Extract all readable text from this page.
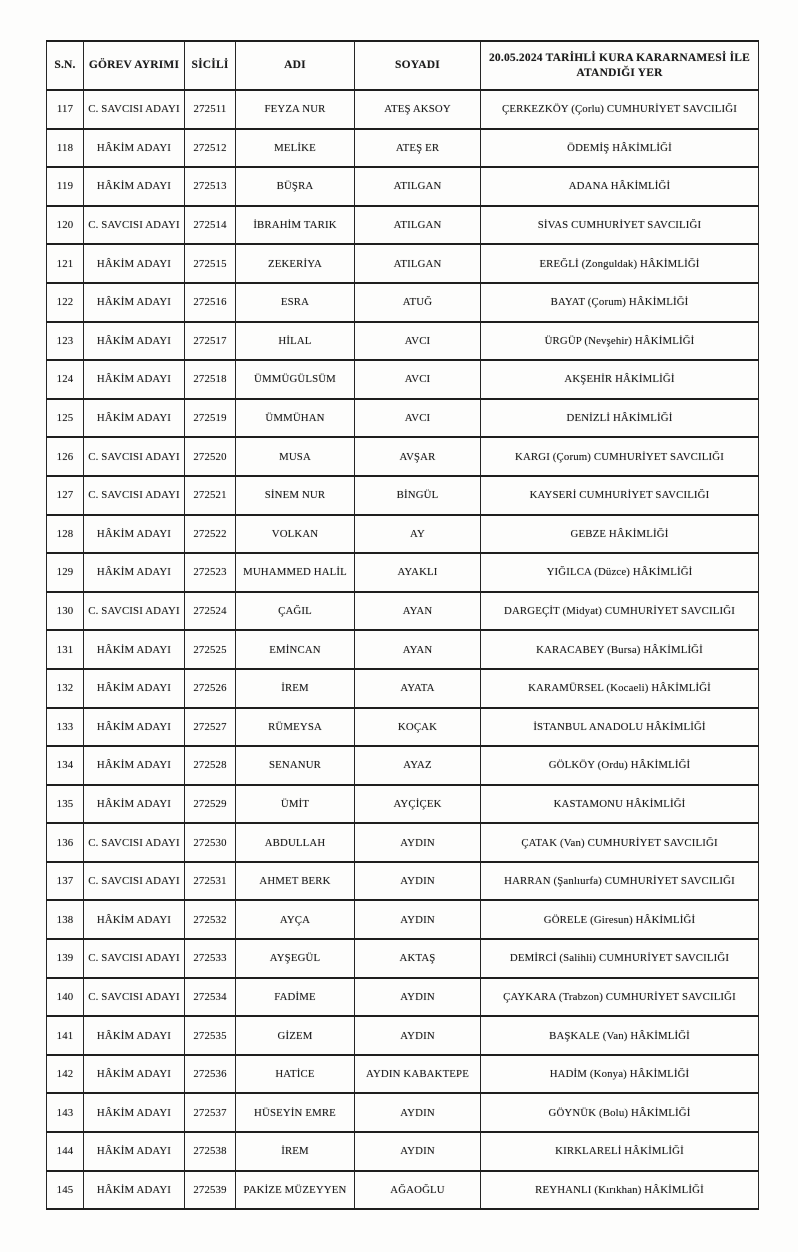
S.N.	GÖREV AYRIMI	SİCİLİ	ADI	SOYADI	20.05.2024 TARİHLİ KURA KARARNAMESİ İLE ATANDIĞI YER
117	C. SAVCISI ADAYI	272511	FEYZA NUR	ATEŞ AKSOY	ÇERKEZKÖY (Çorlu) CUMHURİYET SAVCILIĞI
118	HÂKİM ADAYI	272512	MELİKE	ATEŞ ER	ÖDEMİŞ HÂKİMLİĞİ
119	HÂKİM ADAYI	272513	BÜŞRA	ATILGAN	ADANA HÂKİMLİĞİ
120	C. SAVCISI ADAYI	272514	İBRAHİM TARIK	ATILGAN	SİVAS CUMHURİYET SAVCILIĞI
121	HÂKİM ADAYI	272515	ZEKERİYA	ATILGAN	EREĞLİ (Zonguldak) HÂKİMLİĞİ
122	HÂKİM ADAYI	272516	ESRA	ATUĞ	BAYAT (Çorum) HÂKİMLİĞİ
123	HÂKİM ADAYI	272517	HİLAL	AVCI	ÜRGÜP (Nevşehir) HÂKİMLİĞİ
124	HÂKİM ADAYI	272518	ÜMMÜGÜLSÜM	AVCI	AKŞEHİR HÂKİMLİĞİ
125	HÂKİM ADAYI	272519	ÜMMÜHAN	AVCI	DENİZLİ HÂKİMLİĞİ
126	C. SAVCISI ADAYI	272520	MUSA	AVŞAR	KARGI (Çorum) CUMHURİYET SAVCILIĞI
127	C. SAVCISI ADAYI	272521	SİNEM NUR	BİNGÜL	KAYSERİ CUMHURİYET SAVCILIĞI
128	HÂKİM ADAYI	272522	VOLKAN	AY	GEBZE HÂKİMLİĞİ
129	HÂKİM ADAYI	272523	MUHAMMED HALİL	AYAKLI	YIĞILCA (Düzce) HÂKİMLİĞİ
130	C. SAVCISI ADAYI	272524	ÇAĞIL	AYAN	DARGEÇİT (Midyat) CUMHURİYET SAVCILIĞI
131	HÂKİM ADAYI	272525	EMİNCAN	AYAN	KARACABEY (Bursa) HÂKİMLİĞİ
132	HÂKİM ADAYI	272526	İREM	AYATA	KARAMÜRSEL (Kocaeli) HÂKİMLİĞİ
133	HÂKİM ADAYI	272527	RÜMEYSA	KOÇAK	İSTANBUL ANADOLU HÂKİMLİĞİ
134	HÂKİM ADAYI	272528	SENANUR	AYAZ	GÖLKÖY (Ordu) HÂKİMLİĞİ
135	HÂKİM ADAYI	272529	ÜMİT	AYÇİÇEK	KASTAMONU HÂKİMLİĞİ
136	C. SAVCISI ADAYI	272530	ABDULLAH	AYDIN	ÇATAK (Van) CUMHURİYET SAVCILIĞI
137	C. SAVCISI ADAYI	272531	AHMET BERK	AYDIN	HARRAN (Şanlıurfa) CUMHURİYET SAVCILIĞI
138	HÂKİM ADAYI	272532	AYÇA	AYDIN	GÖRELE (Giresun) HÂKİMLİĞİ
139	C. SAVCISI ADAYI	272533	AYŞEGÜL	AKTAŞ	DEMİRCİ (Salihli) CUMHURİYET SAVCILIĞI
140	C. SAVCISI ADAYI	272534	FADİME	AYDIN	ÇAYKARA (Trabzon) CUMHURİYET SAVCILIĞI
141	HÂKİM ADAYI	272535	GİZEM	AYDIN	BAŞKALE (Van) HÂKİMLİĞİ
142	HÂKİM ADAYI	272536	HATİCE	AYDIN KABAKTEPE	HADİM (Konya) HÂKİMLİĞİ
143	HÂKİM ADAYI	272537	HÜSEYİN EMRE	AYDIN	GÖYNÜK (Bolu) HÂKİMLİĞİ
144	HÂKİM ADAYI	272538	İREM	AYDIN	KIRKLARELİ HÂKİMLİĞİ
145	HÂKİM ADAYI	272539	PAKİZE MÜZEYYEN	AĞAOĞLU	REYHANLI (Kırıkhan) HÂKİMLİĞİ
